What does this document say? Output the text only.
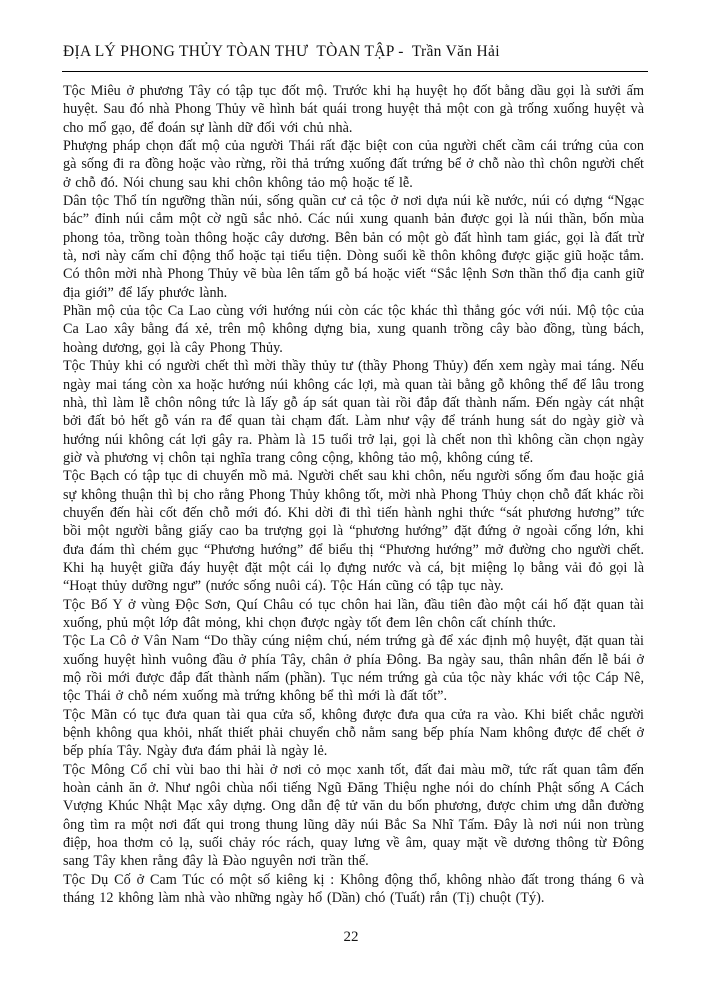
ĐỊA LÝ PHONG THỦY TÒAN THƯ  TÒAN TẬP -  Trần Văn Hải

Tộc Miêu ở phương Tây có tập tục đốt mộ. Trước khi hạ huyệt họ đốt bằng dầu gọi là sưởi ấm huyệt. Sau đó nhà Phong Thủy vẽ hình bát quái trong huyệt thả một con gà trống xuống huyệt và cho mổ gạo, để đoán sự lành dữ đối với chủ nhà.

Phượng pháp chọn đất mộ của người Thái rất đặc biệt con của người chết cầm cái trứng của con gà sống đi ra đồng hoặc vào rừng, rồi thả trứng xuống đất trứng bể ở chỗ nào thì chôn người chết ở chỗ đó. Nói chung sau khi chôn không tảo mộ hoặc tế lễ.

Dân tộc Thổ tín ngưỡng thần núi, sống quần cư cả tộc ở nơi dựa núi kề nước, núi có dựng “Ngạc bác” đỉnh núi cắm một cờ ngũ sắc nhỏ. Các núi xung quanh bản được gọi là núi thần, bốn mùa phong tỏa, trồng toàn thông hoặc cây dương. Bên bản có một gò đất hình tam giác, gọi là đất trừ tà, nơi này cấm chỉ động thổ hoặc tại tiểu tiện. Dòng suối kề thôn không được giặc giũ hoặc tắm. Có thôn mời nhà Phong Thủy vẽ bùa lên tấm gỗ bá hoặc viết “Sắc lệnh Sơn thần thổ địa canh giữ địa giới” để lấy phước lành.

Phần mộ của tộc Ca Lao cùng với hướng núi còn các tộc khác thì thẳng góc với núi. Mộ tộc của Ca Lao xây bằng đá xẻ, trên mộ không dựng bia, xung quanh trồng cây bào đồng, tùng bách, hoàng dương, gọi là cây Phong Thủy.

Tộc Thủy khi có người chết thì mời thầy thủy tư (thầy Phong Thủy) đến xem ngày mai táng. Nếu ngày mai táng còn xa hoặc hướng núi không các lợi, mà quan tài bằng gỗ không thể để lâu trong nhà, thì làm lễ chôn nông tức là lấy gỗ áp sát quan tài rồi đắp đất thành nấm. Đến ngày cát nhật bởi đất bỏ hết gỗ ván ra để quan tài chạm đất. Làm như vậy để tránh hung sát do ngày giờ và hướng núi không cát lợi gây ra. Phàm là 15 tuổi trở lại, gọi là chết non thì không cần chọn ngày giờ và phương vị chôn tại nghĩa trang công cộng, không tảo mộ, không cúng tế.

Tộc Bạch có tập tục di chuyển mồ mả. Người chết sau khi chôn, nếu người sống ốm đau hoặc giả sự không thuận thì bị cho rằng Phong Thủy không tốt, mời nhà Phong Thủy chọn chỗ đất khác rồi chuyển đến hài cốt đến chỗ mới đó. Khi dời đi thì tiến hành nghi thức “sát phương hương” tức bồi một người bằng giấy cao ba trượng gọi là “phương hướng” đặt đứng ở ngoài cổng lớn, khi đưa đám thì chém gục “Phương hướng” để biểu thị “Phương hướng” mở đường cho người chết. Khi hạ huyệt giữa đáy huyệt đặt một cái lọ đựng nước và cá, bịt miệng lọ bằng vải đỏ gọi là “Hoạt thủy dưỡng ngư” (nước sống nuôi cá). Tộc Hán cũng có tập tục này.

Tộc Bố Y ở vùng Độc Sơn, Quí Châu có tục chôn hai lần, đầu tiên đào một cái hố đặt quan tài xuống, phủ một lớp đât mỏng, khi chọn được ngày tốt đem lên chôn cất chính thức.

Tộc La Cô ở Vân Nam “Do thầy cúng niệm chú, ném trứng gà để xác định mộ huyệt, đặt quan tài xuống huyệt hình vuông đầu ở phía Tây, chân ở phía Đông. Ba ngày sau, thân nhân đến lễ bái ở mộ rồi mới được đắp đất thành nấm (phần). Tục ném trứng gà của tộc này khác với tộc Cáp Nê, tộc Thái ở chỗ ném xuống mà trứng không bể thì mới là đất tốt”.

Tộc Mãn có tục đưa quan tài qua cửa sổ, không được đưa qua cửa ra vào. Khi biết chắc người bệnh không qua khỏi, nhất thiết phải chuyển chỗ nằm sang bếp phía Nam không được để chết ở bếp phía Tây. Ngày đưa đám phải là ngày lẻ.

Tộc Mông Cổ chỉ vùi bao thi hài ở nơi cỏ mọc xanh tốt, đất đai màu mỡ, tức rất quan tâm đến hoàn cảnh ăn ở. Như ngôi chùa nổi tiếng Ngũ Đăng Thiệu nghe nói do chính Phật sống A Cách Vượng Khúc Nhật Mạc xây dựng. Ong dẫn đệ tử văn du bốn phương, được chim ưng dẫn đường ông tìm ra một nơi đất qui trong thung lũng dãy núi Bắc Sa Nhĩ Tấm. Đây là nơi núi non trùng điệp, hoa thơm cỏ lạ, suối chảy róc rách, quay lưng về âm, quay mặt về dương thông từ Đông sang Tây khen rằng đây là Đào nguyên nơi trần thế.

Tộc Dụ Cố ở Cam Túc có một số kiêng kị : Không động thổ, không nhào đất trong tháng 6 và tháng 12 không làm nhà vào những ngày hổ (Dần) chó (Tuất) rắn (Tị) chuột (Tý).

22
